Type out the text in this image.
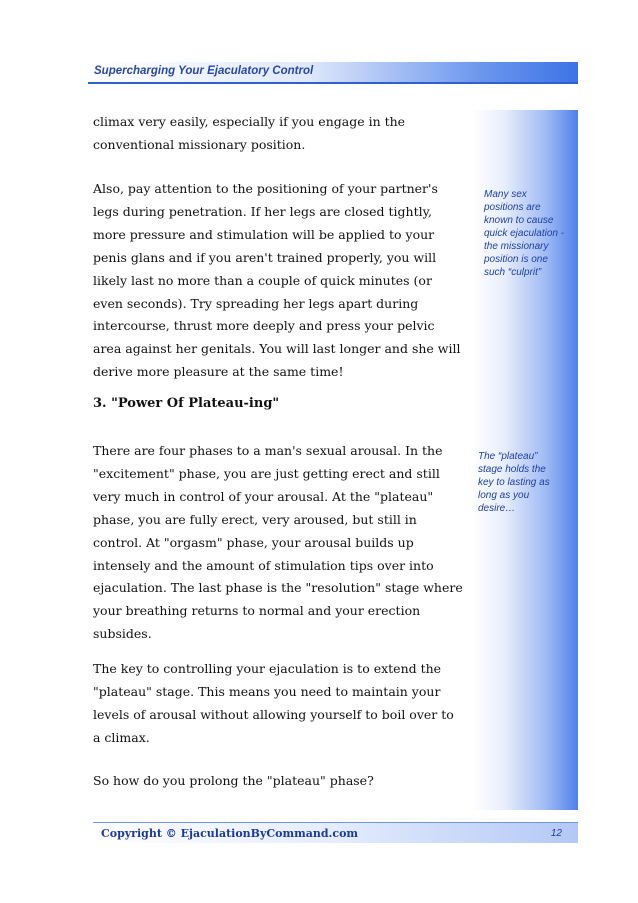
Supercharging Your Ejaculatory Control
Many sex
positions are
known to cause
quick ejaculation -
the missionary
position is one
such “culprit”
The “plateau”
stage holds the
key to lasting as
long as you
desire…
climax very easily, especially if you engage in the
conventional missionary position.
Also, pay attention to the positioning of your partner's
legs during penetration. If her legs are closed tightly,
more pressure and stimulation will be applied to your
penis glans and if you aren't trained properly, you will
likely last no more than a couple of quick minutes (or
even seconds). Try spreading her legs apart during
intercourse, thrust more deeply and press your pelvic
area against her genitals. You will last longer and she will
derive more pleasure at the same time!
3. "Power Of Plateau-ing"
There are four phases to a man's sexual arousal. In the
"excitement" phase, you are just getting erect and still
very much in control of your arousal. At the "plateau"
phase, you are fully erect, very aroused, but still in
control. At "orgasm" phase, your arousal builds up
intensely and the amount of stimulation tips over into
ejaculation. The last phase is the "resolution" stage where
your breathing returns to normal and your erection
subsides.
The key to controlling your ejaculation is to extend the
"plateau" stage. This means you need to maintain your
levels of arousal without allowing yourself to boil over to
a climax.
So how do you prolong the "plateau" phase?
Copyright © EjaculationByCommand.com	12
